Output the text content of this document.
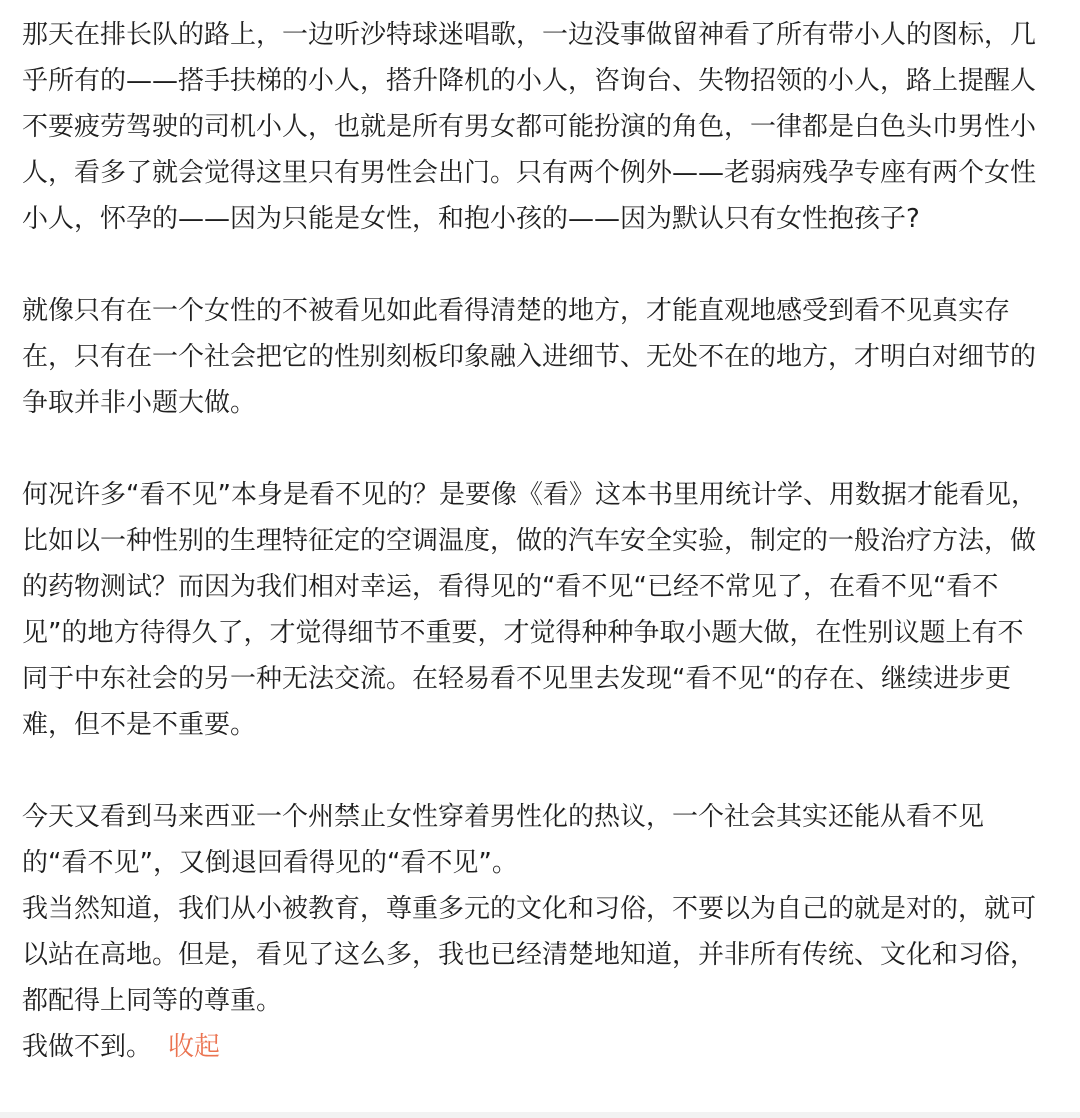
那天在排长队的路上，一边听沙特球迷唱歌，一边没事做留神看了所有带小人的图标，几乎所有的——搭手扶梯的小人，搭升降机的小人，咨询台、失物招领的小人，路上提醒人不要疲劳驾驶的司机小人，也就是所有男女都可能扮演的角色，一律都是白色头巾男性小人，看多了就会觉得这里只有男性会出门。只有两个例外——老弱病残孕专座有两个女性小人，怀孕的——因为只能是女性，和抱小孩的——因为默认只有女性抱孩子?

就像只有在一个女性的不被看见如此看得清楚的地方，才能直观地感受到看不见真实存在，只有在一个社会把它的性别刻板印象融入进细节、无处不在的地方，才明白对细节的争取并非小题大做。

何况许多“看不见”本身是看不见的？是要像《看》这本书里用统计学、用数据才能看见，比如以一种性别的生理特征定的空调温度，做的汽车安全实验，制定的一般治疗方法，做的药物测试？而因为我们相对幸运，看得见的“看不见“已经不常见了，在看不见“看不见”的地方待得久了，才觉得细节不重要，才觉得种种争取小题大做，在性别议题上有不同于中东社会的另一种无法交流。在轻易看不见里去发现“看不见“的存在、继续进步更难，但不是不重要。

今天又看到马来西亚一个州禁止女性穿着男性化的热议，一个社会其实还能从看不见的“看不见”，又倒退回看得见的“看不见”。

我当然知道，我们从小被教育，尊重多元的文化和习俗，不要以为自己的就是对的，就可以站在高地。但是，看见了这么多，我也已经清楚地知道，并非所有传统、文化和习俗，都配得上同等的尊重。

我做不到。 收起
